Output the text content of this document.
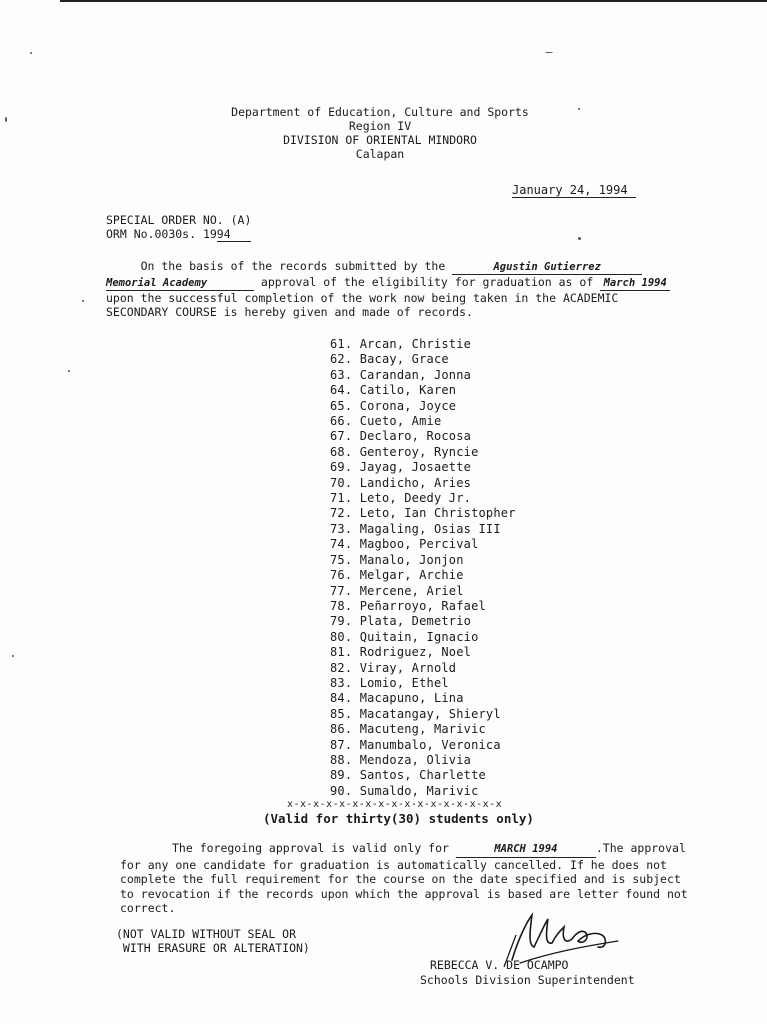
Department of Education, Culture and Sports
Region IV
DIVISION OF ORIENTAL MINDORO
Calapan
January 24, 1994
SPECIAL ORDER NO. (A)
ORM No.0030s. 1994
On the basis of the records submitted by the	Agustin Gutierrez
Memorial Academy	approval of the eligibility for graduation as of March 1994
upon the successful completion of the work now being taken in the ACADEMIC
SECONDARY COURSE is hereby given and made of records.
61. Arcan, Christie
62. Bacay, Grace
63. Carandan, Jonna
64. Catilo, Karen
65. Corona, Joyce
66. Cueto, Amie
67. Declaro, Rocosa
68. Genteroy, Ryncie
69. Jayag, Josaette
70. Landicho, Aries
71. Leto, Deedy Jr.
72. Leto, Ian Christopher
73. Magaling, Osias III
74. Magboo, Percival
75. Manalo, Jonjon
76. Melgar, Archie
77. Mercene, Ariel
78. Peñarroyo, Rafael
79. Plata, Demetrio
80. Quitain, Ignacio
81. Rodriguez, Noel
82. Viray, Arnold
83. Lomio, Ethel
84. Macapuno, Lina
85. Macatangay, Shieryl
86. Macuteng, Marivic
87. Manumbalo, Veronica
88. Mendoza, Olivia
89. Santos, Charlette
90. Sumaldo, Marivic
x-x-x-x-x-x-x-x-x-x-x-x-x-x-x-x-x
(Valid for thirty(30) students only)
The foregoing approval is valid only for	MARCH 1994	.The approval
for any one candidate for graduation is automatically cancelled. If he does not
complete the full requirement for the course on the date specified and is subject
to revocation if the records upon which the approval is based are letter found not
correct.
(NOT VALID WITHOUT SEAL OR
WITH ERASURE OR ALTERATION)
REBECCA V. DE OCAMPO
Schools Division Superintendent
